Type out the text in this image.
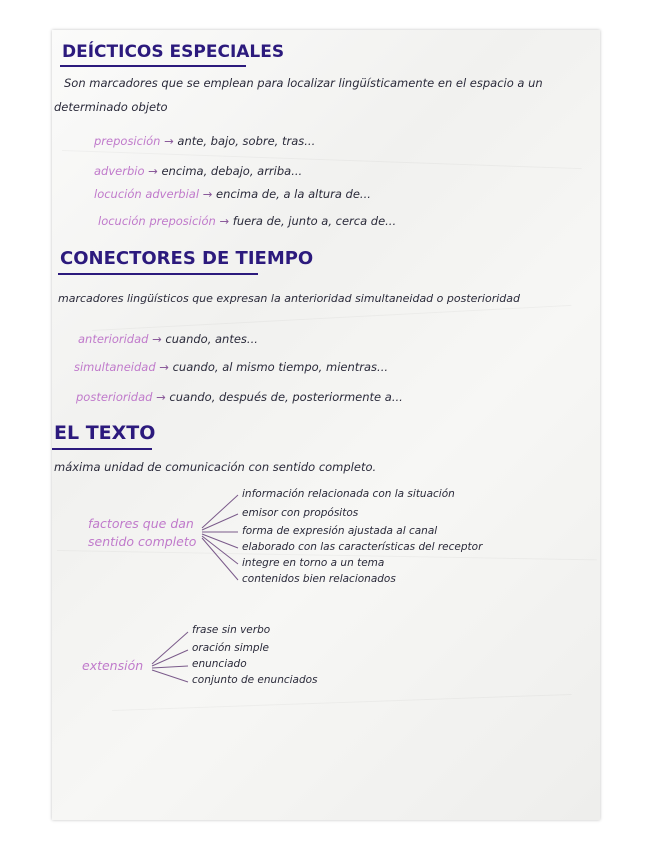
DEÍCTICOS ESPECIALES

Son marcadores que se emplean para localizar lingüísticamente en el espacio a un

determinado objeto

preposición → ante, bajo, sobre, tras...

adverbio → encima, debajo, arriba...

locución adverbial → encima de, a la altura de...

locución preposición → fuera de, junto a, cerca de...

CONECTORES DE TIEMPO

marcadores lingüísticos que expresan la anterioridad simultaneidad o posterioridad

anterioridad → cuando, antes...

simultaneidad → cuando, al mismo tiempo, mientras...

posterioridad → cuando, después de, posteriormente a...

EL TEXTO

máxima unidad de comunicación con sentido completo.

factores que dan

sentido completo

información relacionada con la situación

emisor con propósitos

forma de expresión ajustada al canal

elaborado con las características del receptor

integre en torno a un tema

contenidos bien relacionados

extensión

frase sin verbo

oración simple

enunciado

conjunto de enunciados
